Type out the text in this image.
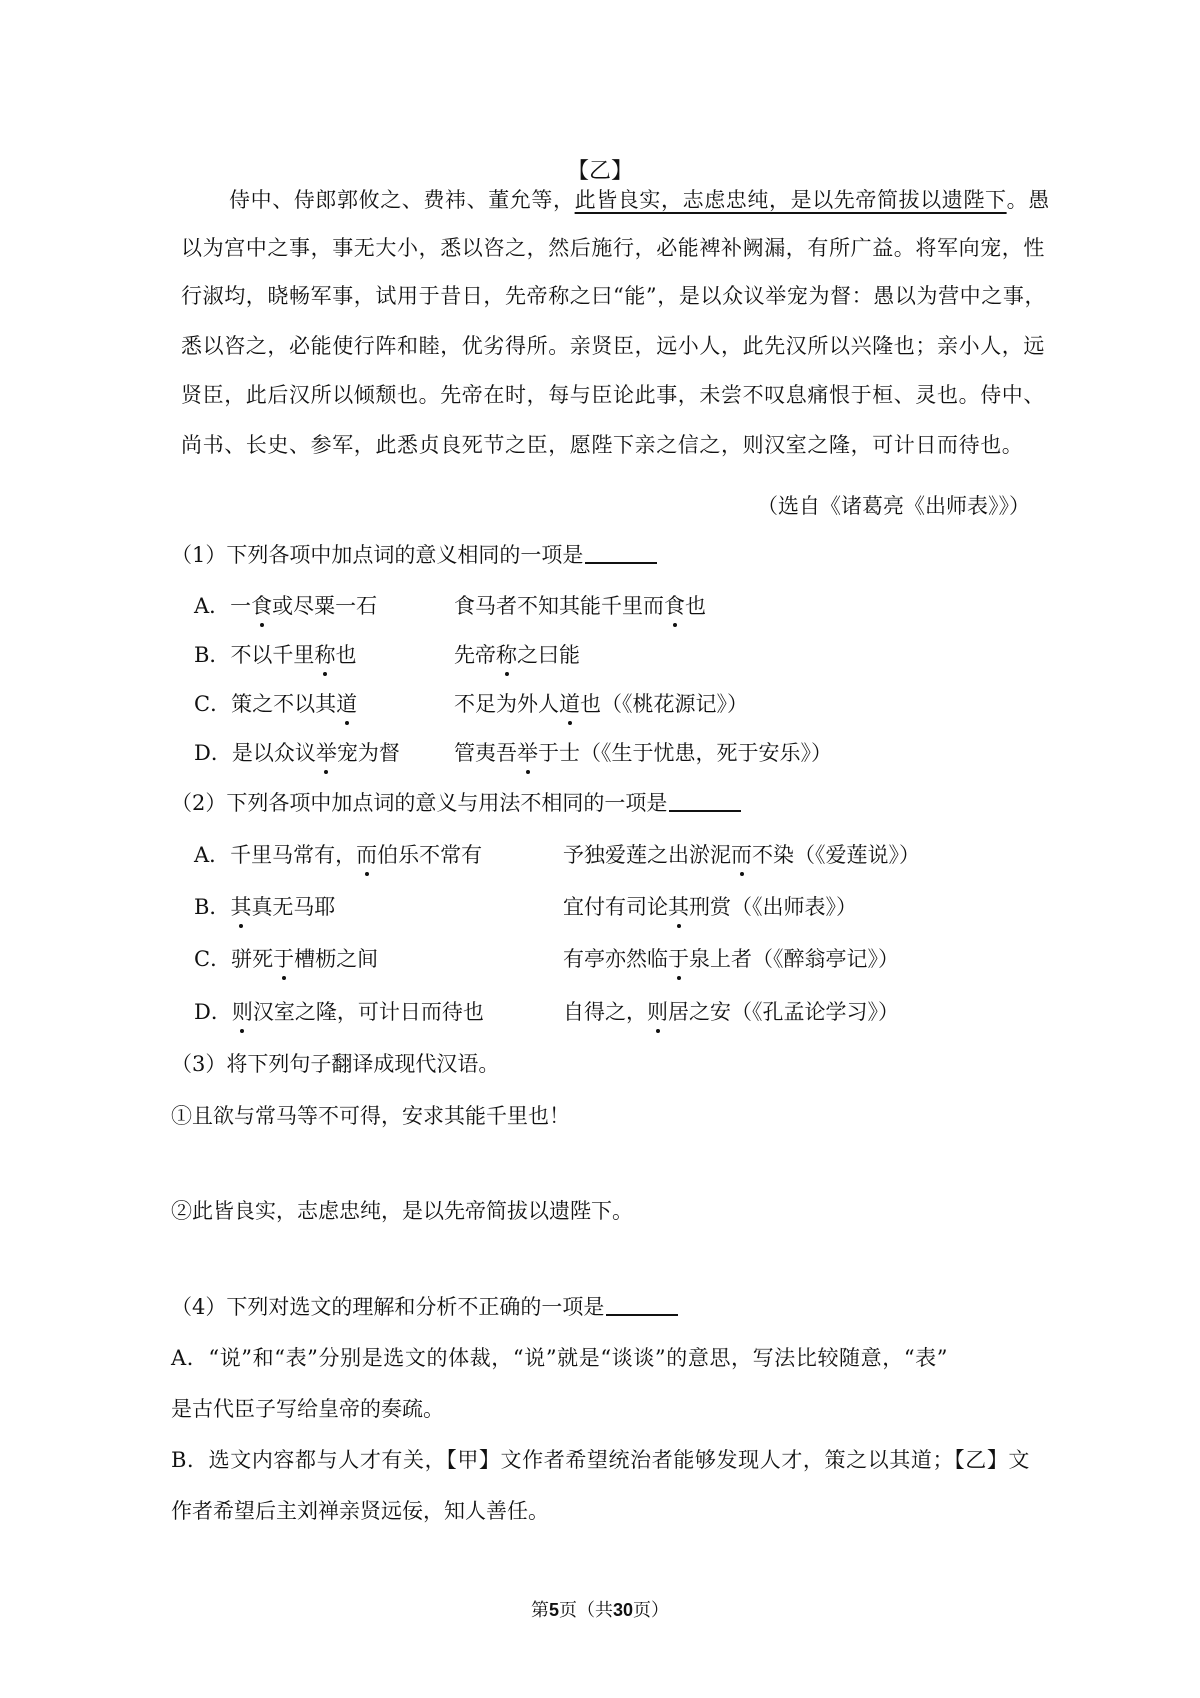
【乙】
侍中、侍郎郭攸之、费祎、董允等，此皆良实，志虑忠纯，是以先帝简拔以遗陛下。愚
以为宫中之事，事无大小，悉以咨之，然后施行，必能裨补阙漏，有所广益。将军向宠，性
行淑均，晓畅军事，试用于昔日，先帝称之曰“能”，是以众议举宠为督：愚以为营中之事，
悉以咨之，必能使行阵和睦，优劣得所。亲贤臣，远小人，此先汉所以兴隆也；亲小人，远
贤臣，此后汉所以倾颓也。先帝在时，每与臣论此事，未尝不叹息痛恨于桓、灵也。侍中、
尚书、长史、参军，此悉贞良死节之臣，愿陛下亲之信之，则汉室之隆，可计日而待也。
（选自《诸葛亮《出师表》》）
（1）下列各项中加点词的意义相同的一项是
A．一食或尽粟一石	食马者不知其能千里而食也
B．不以千里称也	先帝称之曰能
C．策之不以其道	不足为外人道也（《桃花源记》）
D．是以众议举宠为督	管夷吾举于士（《生于忧患，死于安乐》）
（2）下列各项中加点词的意义与用法不相同的一项是
A．千里马常有，而伯乐不常有	予独爱莲之出淤泥而不染（《爱莲说》）
B．其真无马耶	宜付有司论其刑赏（《出师表》）
C．骈死于槽枥之间	有亭亦然临于泉上者（《醉翁亭记》）
D．则汉室之隆，可计日而待也	自得之，则居之安（《孔孟论学习》）
（3）将下列句子翻译成现代汉语。
①且欲与常马等不可得，安求其能千里也！
②此皆良实，志虑忠纯，是以先帝简拔以遗陛下。
（4）下列对选文的理解和分析不正确的一项是
A．“说”和“表”分别是选文的体裁，“说”就是“谈谈”的意思，写法比较随意，“表”
是古代臣子写给皇帝的奏疏。
B．选文内容都与人才有关，【甲】文作者希望统治者能够发现人才，策之以其道；【乙】文
作者希望后主刘禅亲贤远佞，知人善任。
第5页（共30页）
